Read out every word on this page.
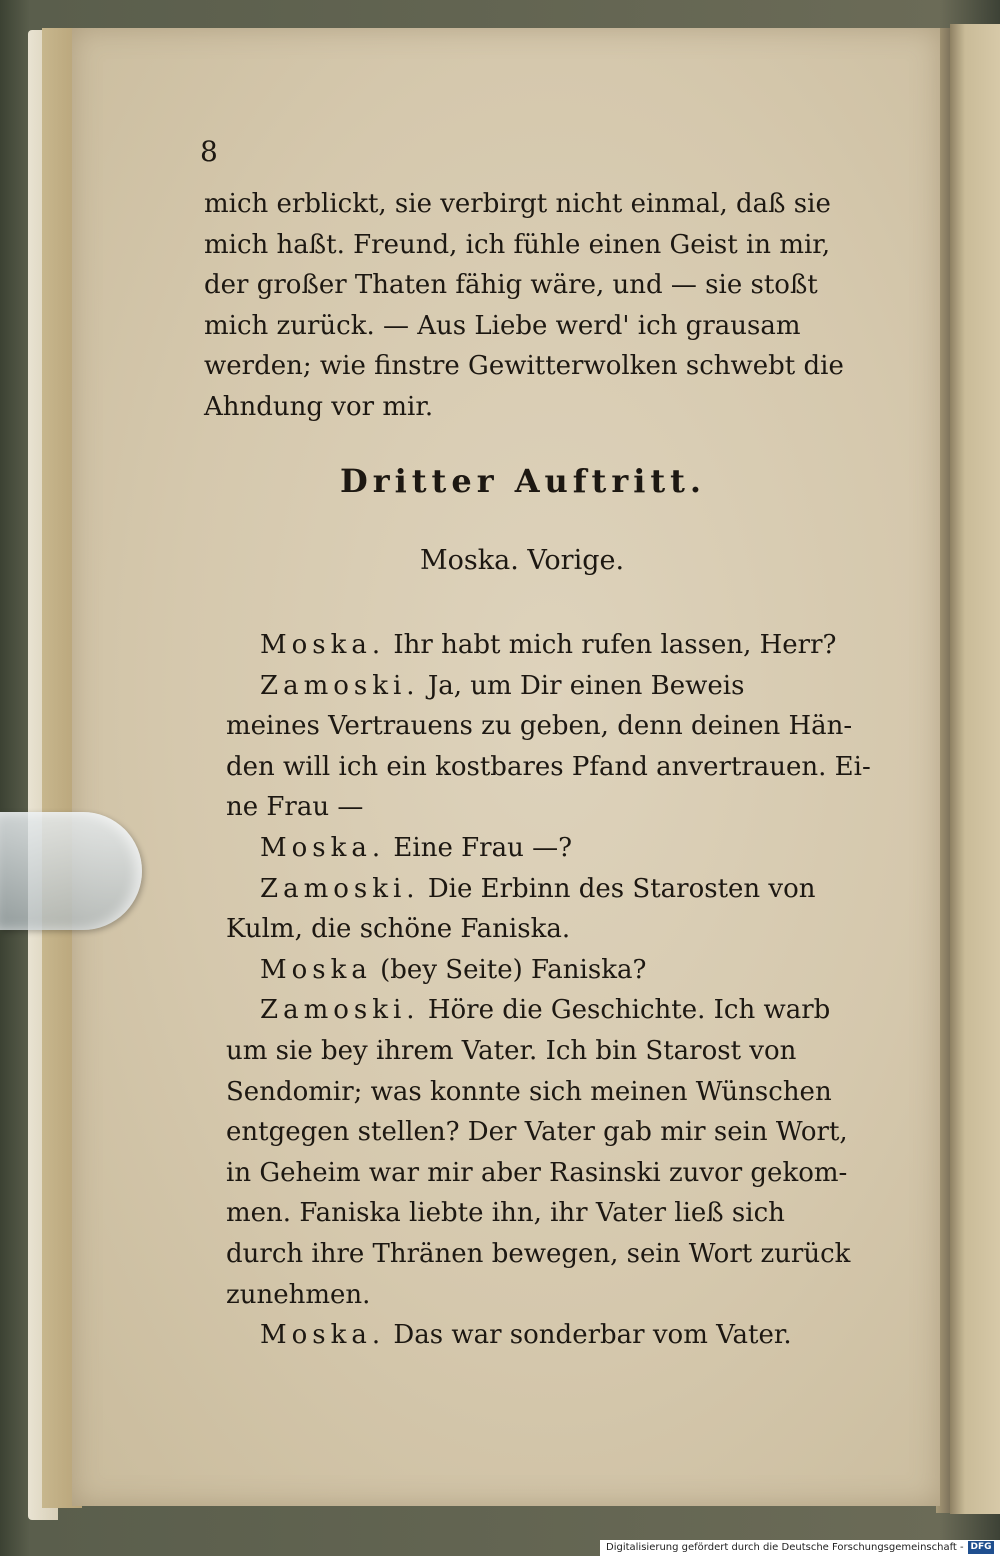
8
mich erblickt, sie verbirgt nicht einmal, daß sie
mich haßt. Freund, ich fühle einen Geist in mir,
der großer Thaten fähig wäre, und — sie stoßt
mich zurück. — Aus Liebe werd' ich grausam
werden; wie finstre Gewitterwolken schwebt die
Ahndung vor mir.
Dritter Auftritt.
Moska. Vorige.
Moska. Ihr habt mich rufen lassen, Herr?
Zamoski. Ja, um Dir einen Beweis
meines Vertrauens zu geben, denn deinen Hän-
den will ich ein kostbares Pfand anvertrauen. Ei-
ne Frau —
Moska. Eine Frau —?
Zamoski. Die Erbinn des Starosten von
Kulm, die schöne Faniska.
Moska (bey Seite) Faniska?
Zamoski. Höre die Geschichte. Ich warb
um sie bey ihrem Vater. Ich bin Starost von
Sendomir; was konnte sich meinen Wünschen
entgegen stellen? Der Vater gab mir sein Wort,
in Geheim war mir aber Rasinski zuvor gekom-
men. Faniska liebte ihn, ihr Vater ließ sich
durch ihre Thränen bewegen, sein Wort zurück
zunehmen.
Moska. Das war sonderbar vom Vater.
Digitalisierung gefördert durch die Deutsche Forschungsgemeinschaft - DFG
